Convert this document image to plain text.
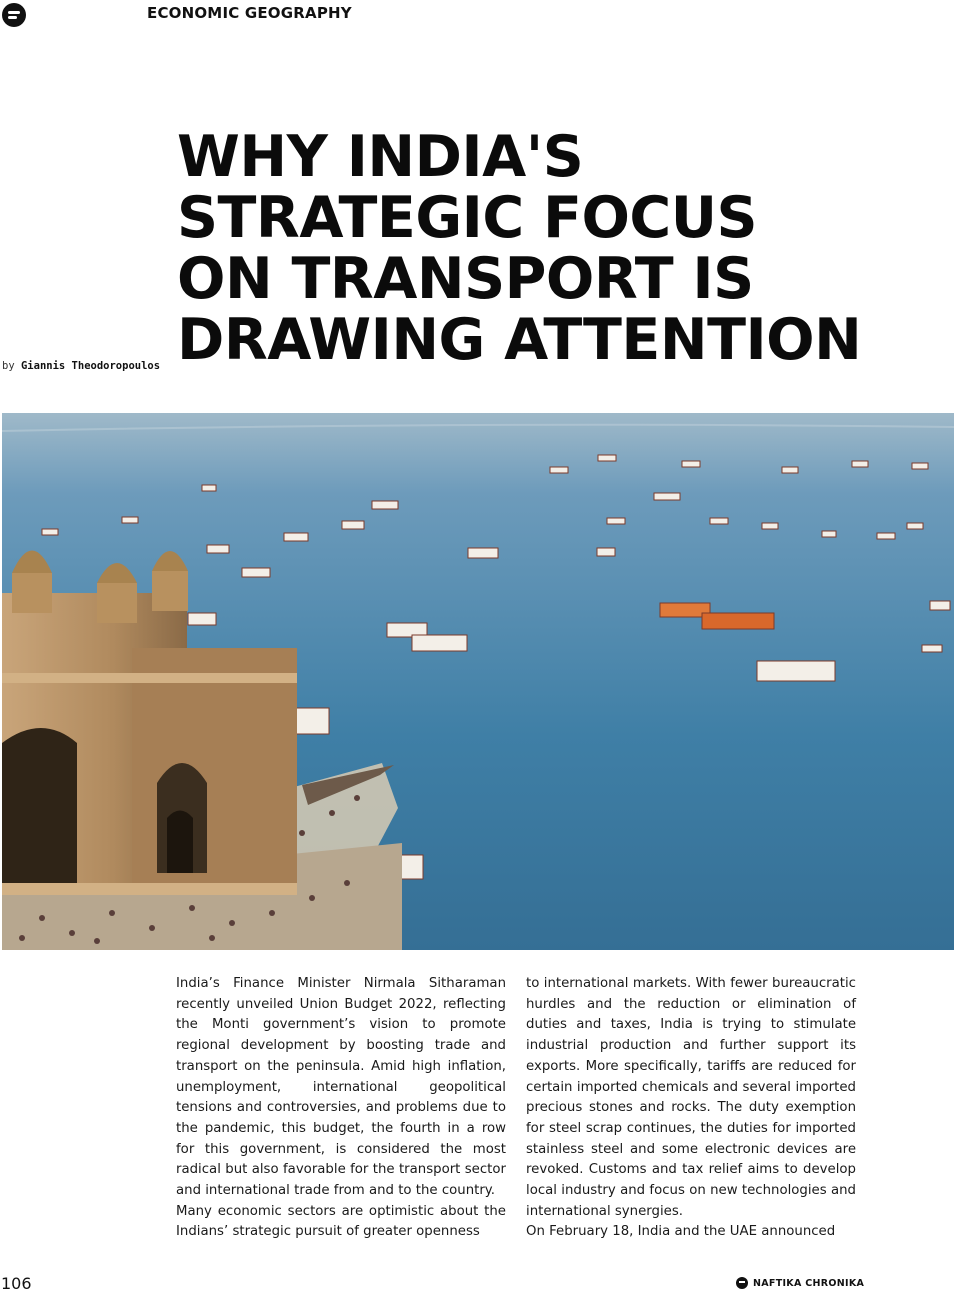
ECONOMIC GEOGRAPHY
WHY INDIA'S
STRATEGIC FOCUS
ON TRANSPORT IS
DRAWING ATTENTION
by Giannis Theodoropoulos

India’s Finance Minister Nirmala Sitharaman recently unveiled Union Budget 2022, reflecting the Monti government’s vision to promote regional development by boosting trade and transport on the peninsula. Amid high inflation, unemployment, international geopolitical tensions and controversies, and problems due to the pandemic, this budget, the fourth in a row for this government, is considered the most radical but also favorable for the transport sector and international trade from and to the country.

Many economic sectors are optimistic about the Indians’ strategic pursuit of greater openness

to international markets. With fewer bureaucratic hurdles and the reduction or elimination of duties and taxes, India is trying to stimulate industrial production and further support its exports. More specifically, tariffs are reduced for certain imported chemicals and several imported precious stones and rocks. The duty exemption for steel scrap continues, the duties for imported stainless steel and some electronic devices are revoked. Customs and tax relief aims to develop local industry and focus on new technologies and international synergies.

On February 18, India and the UAE announced

106	NAFTIKA CHRONIKA
